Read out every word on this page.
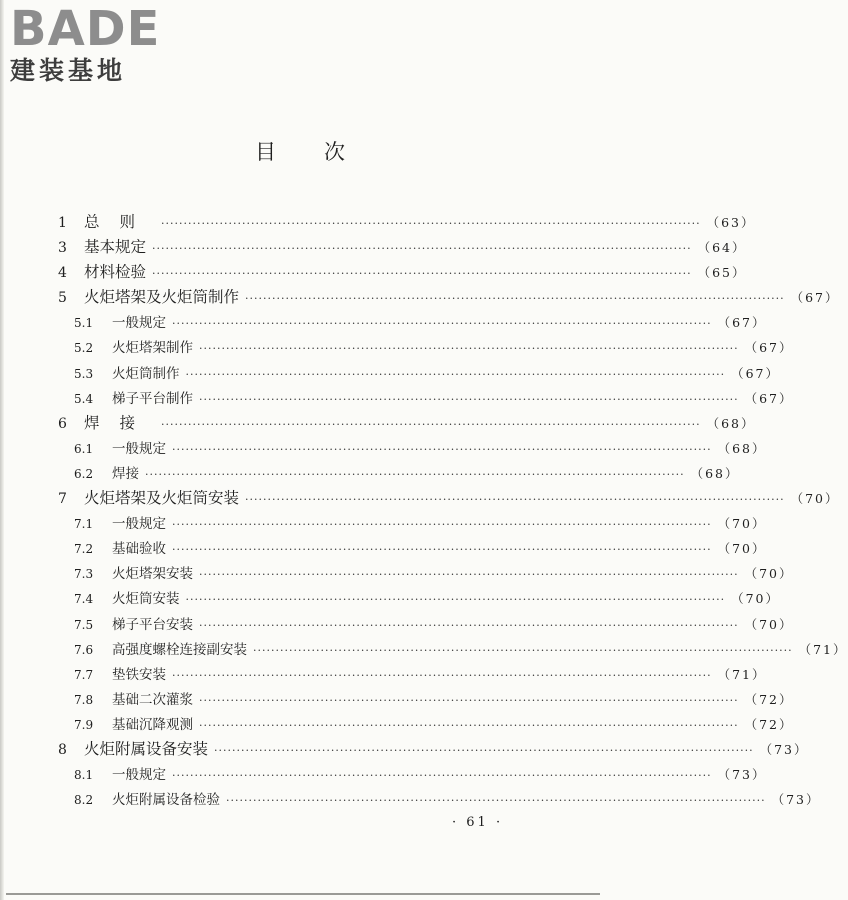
BADE
建装基地
目次
1	总则 ························································································································ （63）
3	基本规定 ························································································································ （64）
4	材料检验 ························································································································ （65）
5	火炬塔架及火炬筒制作 ························································································································ （67）
5.1	一般规定 ························································································································ （67）
5.2	火炬塔架制作 ························································································································ （67）
5.3	火炬筒制作 ························································································································ （67）
5.4	梯子平台制作 ························································································································ （67）
6	焊接 ························································································································ （68）
6.1	一般规定 ························································································································ （68）
6.2	焊接 ························································································································ （68）
7	火炬塔架及火炬筒安装 ························································································································ （70）
7.1	一般规定 ························································································································ （70）
7.2	基础验收 ························································································································ （70）
7.3	火炬塔架安装 ························································································································ （70）
7.4	火炬筒安装 ························································································································ （70）
7.5	梯子平台安装 ························································································································ （70）
7.6	高强度螺栓连接副安装 ························································································································ （71）
7.7	垫铁安装 ························································································································ （71）
7.8	基础二次灌浆 ························································································································ （72）
7.9	基础沉降观测 ························································································································ （72）
8	火炬附属设备安装 ························································································································ （73）
8.1	一般规定 ························································································································ （73）
8.2	火炬附属设备检验 ························································································································ （73）
· 61 ·
